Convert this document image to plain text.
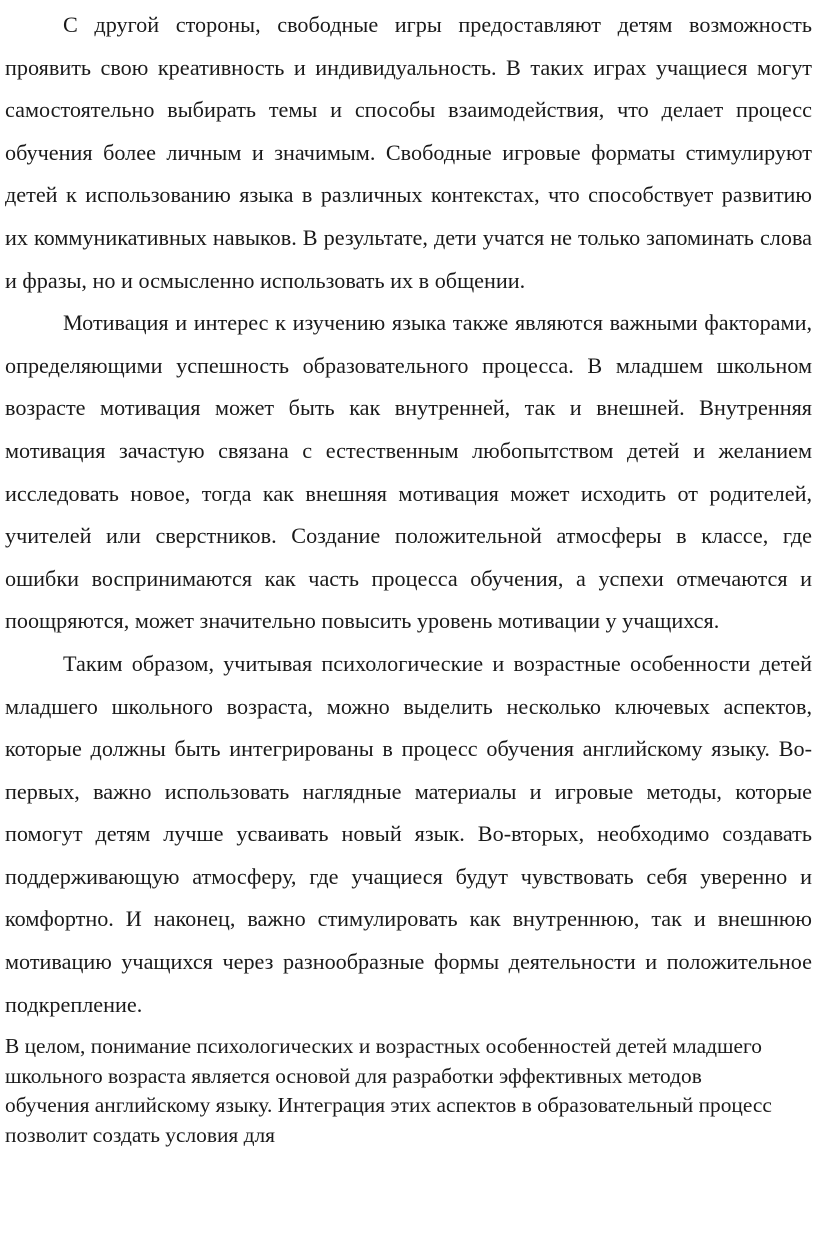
С другой стороны, свободные игры предоставляют детям возможность проявить свою креативность и индивидуальность. В таких играх учащиеся могут самостоятельно выбирать темы и способы взаимодействия, что делает процесс обучения более личным и значимым. Свободные игровые форматы стимулируют детей к использованию языка в различных контекстах, что способствует развитию их коммуникативных навыков. В результате, дети учатся не только запоминать слова и фразы, но и осмысленно использовать их в общении.

Мотивация и интерес к изучению языка также являются важными факторами, определяющими успешность образовательного процесса. В младшем школьном возрасте мотивация может быть как внутренней, так и внешней. Внутренняя мотивация зачастую связана с естественным любопытством детей и желанием исследовать новое, тогда как внешняя мотивация может исходить от родителей, учителей или сверстников. Создание положительной атмосферы в классе, где ошибки воспринимаются как часть процесса обучения, а успехи отмечаются и поощряются, может значительно повысить уровень мотивации у учащихся.

Таким образом, учитывая психологические и возрастные особенности детей младшего школьного возраста, можно выделить несколько ключевых аспектов, которые должны быть интегрированы в процесс обучения английскому языку. Во-первых, важно использовать наглядные материалы и игровые методы, которые помогут детям лучше усваивать новый язык. Во-вторых, необходимо создавать поддерживающую атмосферу, где учащиеся будут чувствовать себя уверенно и комфортно. И наконец, важно стимулировать как внутреннюю, так и внешнюю мотивацию учащихся через разнообразные формы деятельности и положительное подкрепление.

В целом, понимание психологических и возрастных особенностей детей младшего школьного возраста является основой для разработки эффективных методов обучения английскому языку. Интеграция этих аспектов в образовательный процесс позволит создать условия для
